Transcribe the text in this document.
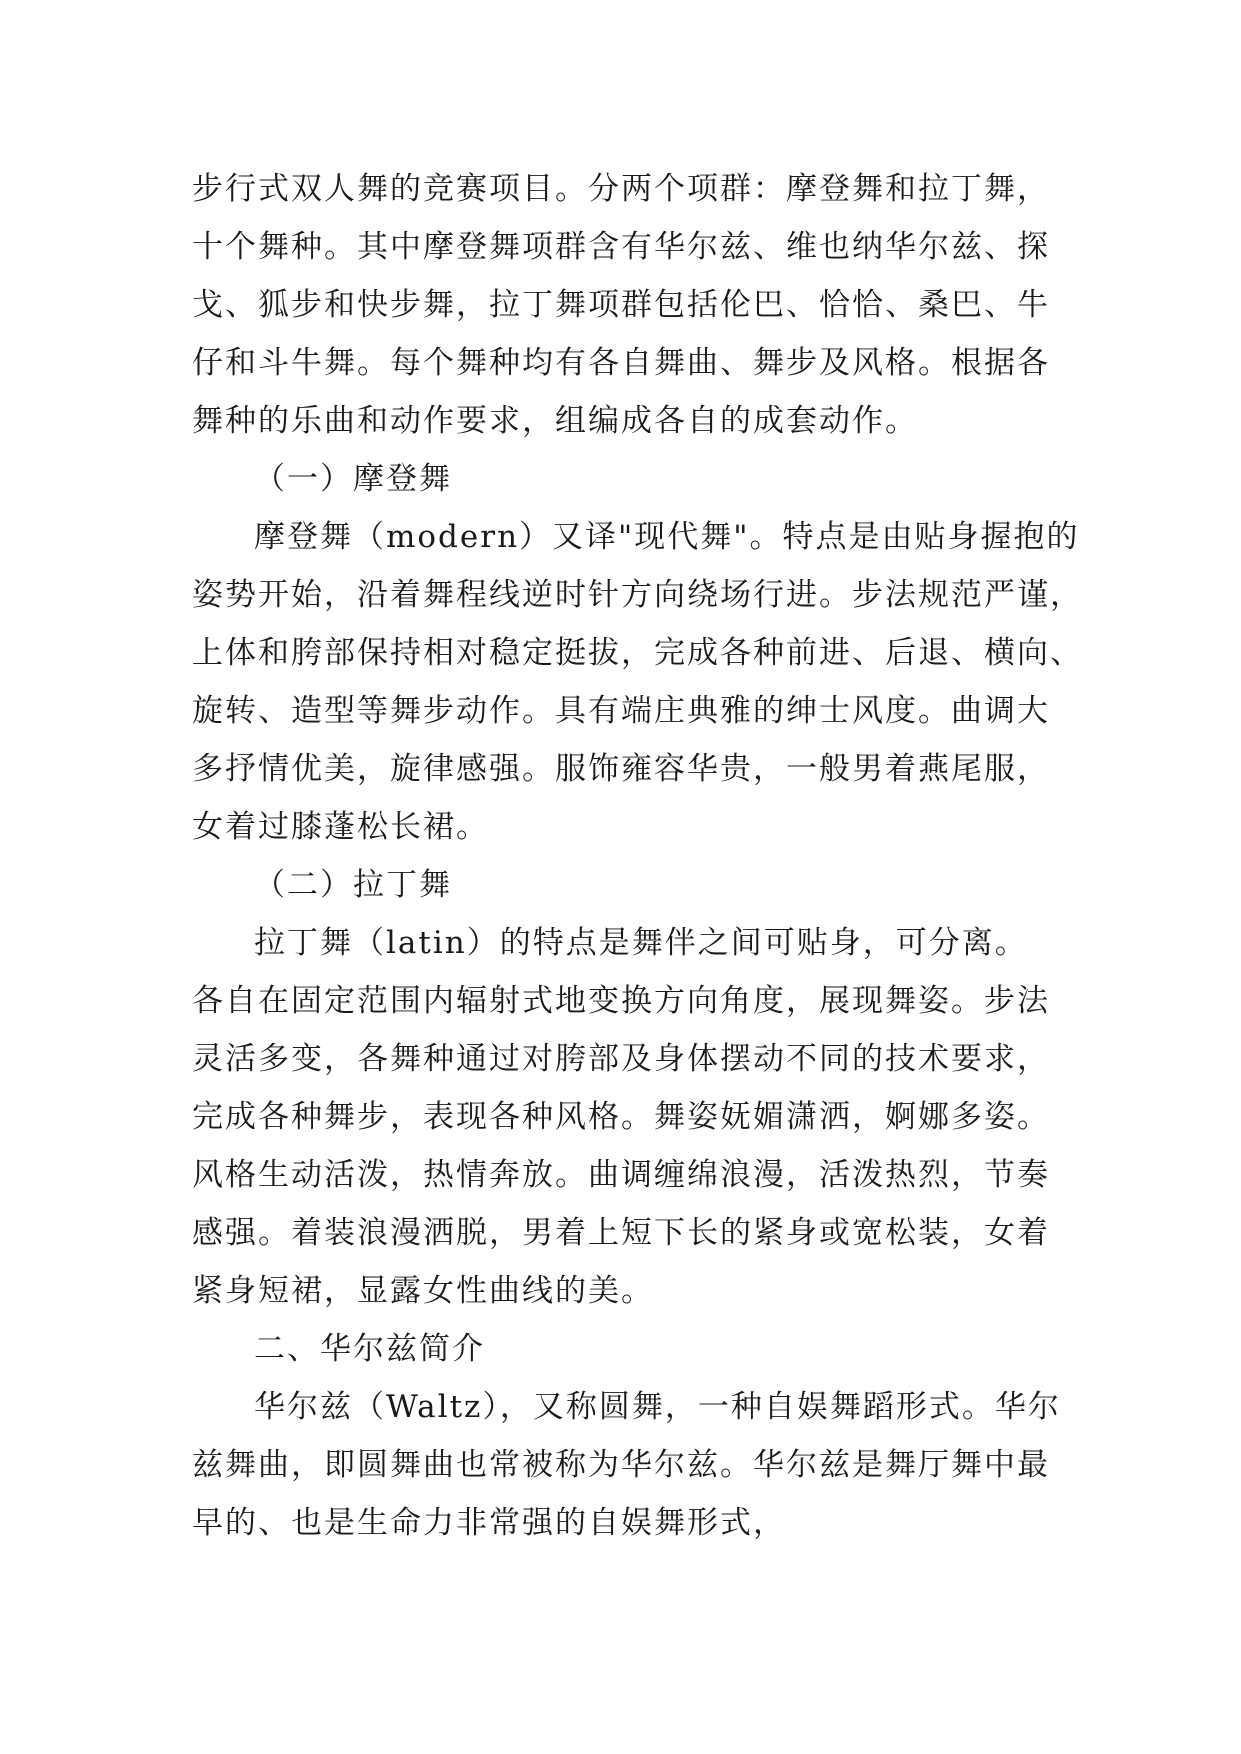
步行式双人舞的竞赛项目。分两个项群：摩登舞和拉丁舞，
十个舞种。其中摩登舞项群含有华尔兹、维也纳华尔兹、探
戈、狐步和快步舞，拉丁舞项群包括伦巴、恰恰、桑巴、牛
仔和斗牛舞。每个舞种均有各自舞曲、舞步及风格。根据各
舞种的乐曲和动作要求，组编成各自的成套动作。
（一）摩登舞
摩登舞（modern）又译"现代舞"。特点是由贴身握抱的
姿势开始，沿着舞程线逆时针方向绕场行进。步法规范严谨，
上体和胯部保持相对稳定挺拔，完成各种前进、后退、横向、
旋转、造型等舞步动作。具有端庄典雅的绅士风度。曲调大
多抒情优美，旋律感强。服饰雍容华贵，一般男着燕尾服，
女着过膝蓬松长裙。
（二）拉丁舞
拉丁舞（latin）的特点是舞伴之间可贴身，可分离。
各自在固定范围内辐射式地变换方向角度，展现舞姿。步法
灵活多变，各舞种通过对胯部及身体摆动不同的技术要求，
完成各种舞步，表现各种风格。舞姿妩媚潇洒，婀娜多姿。
风格生动活泼，热情奔放。曲调缠绵浪漫，活泼热烈，节奏
感强。着装浪漫洒脱，男着上短下长的紧身或宽松装，女着
紧身短裙，显露女性曲线的美。
二、华尔兹简介
华尔兹（Waltz），又称圆舞，一种自娱舞蹈形式。华尔
兹舞曲，即圆舞曲也常被称为华尔兹。华尔兹是舞厅舞中最
早的、也是生命力非常强的自娱舞形式，
